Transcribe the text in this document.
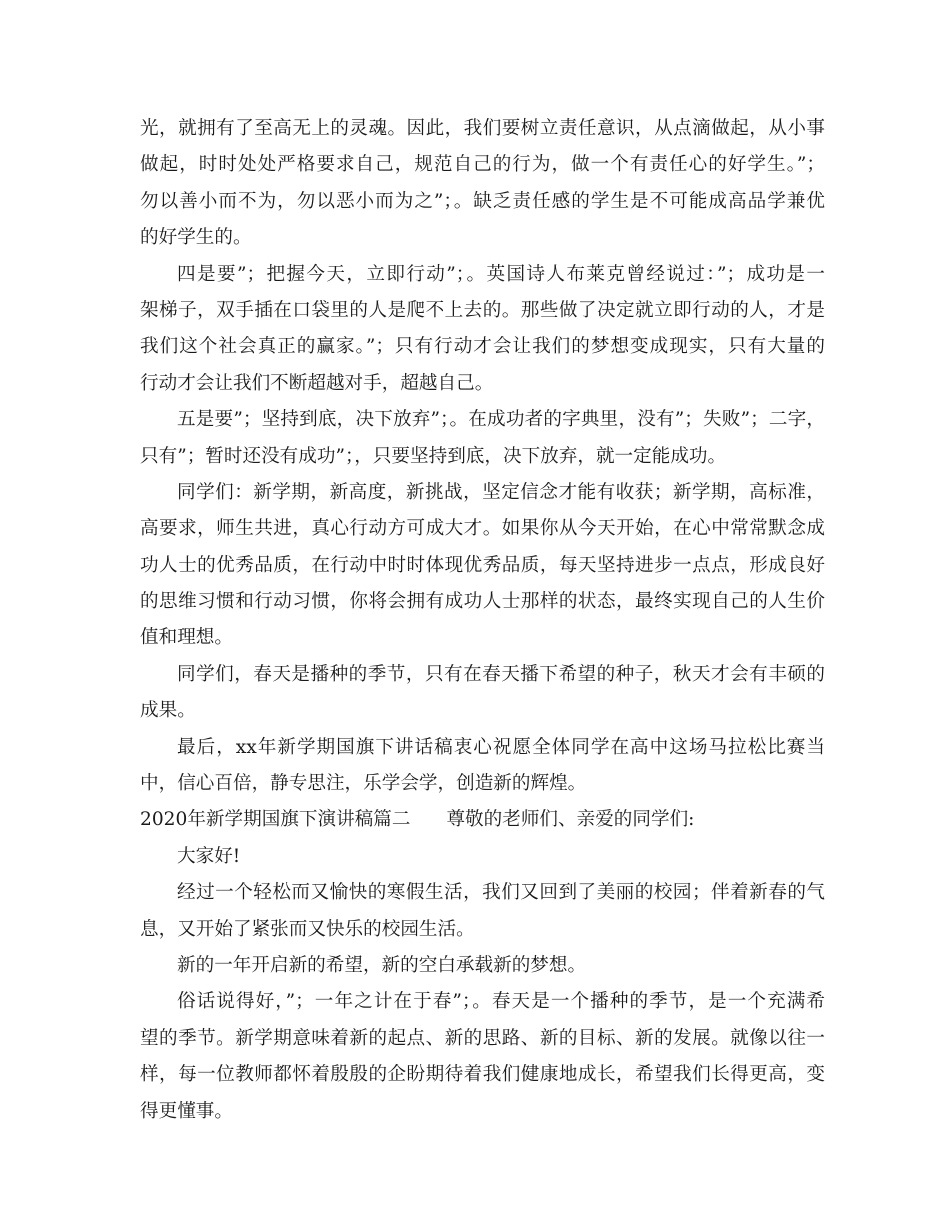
光，就拥有了至高无上的灵魂。因此，我们要树立责任意识，从点滴做起，从小事
做起，时时处处严格要求自己，规范自己的行为，做一个有责任心的好学生。”；
勿以善小而不为，勿以恶小而为之”；。缺乏责任感的学生是不可能成高品学兼优
的好学生的。
四是要”；把握今天，立即行动”；。英国诗人布莱克曾经说过：”；成功是一
架梯子，双手插在口袋里的人是爬不上去的。那些做了决定就立即行动的人，才是
我们这个社会真正的赢家。”；只有行动才会让我们的梦想变成现实，只有大量的
行动才会让我们不断超越对手，超越自己。
五是要”；坚持到底，决下放弃”；。在成功者的字典里，没有”；失败”；二字，
只有”；暂时还没有成功”；，只要坚持到底，决下放弃，就一定能成功。
同学们：新学期，新高度，新挑战，坚定信念才能有收获；新学期，高标准，
高要求，师生共进，真心行动方可成大才。如果你从今天开始，在心中常常默念成
功人士的优秀品质，在行动中时时体现优秀品质，每天坚持进步一点点，形成良好
的思维习惯和行动习惯，你将会拥有成功人士那样的状态，最终实现自己的人生价
值和理想。
同学们，春天是播种的季节，只有在春天播下希望的种子，秋天才会有丰硕的
成果。
最后，xx年新学期国旗下讲话稿衷心祝愿全体同学在高中这场马拉松比赛当
中，信心百倍，静专思注，乐学会学，创造新的辉煌。
2020年新学期国旗下演讲稿篇二 尊敬的老师们、亲爱的同学们:
大家好!
经过一个轻松而又愉快的寒假生活，我们又回到了美丽的校园；伴着新春的气
息，又开始了紧张而又快乐的校园生活。
新的一年开启新的希望，新的空白承载新的梦想。
俗话说得好，”；一年之计在于春”；。春天是一个播种的季节，是一个充满希
望的季节。新学期意味着新的起点、新的思路、新的目标、新的发展。就像以往一
样，每一位教师都怀着殷殷的企盼期待着我们健康地成长，希望我们长得更高，变
得更懂事。
